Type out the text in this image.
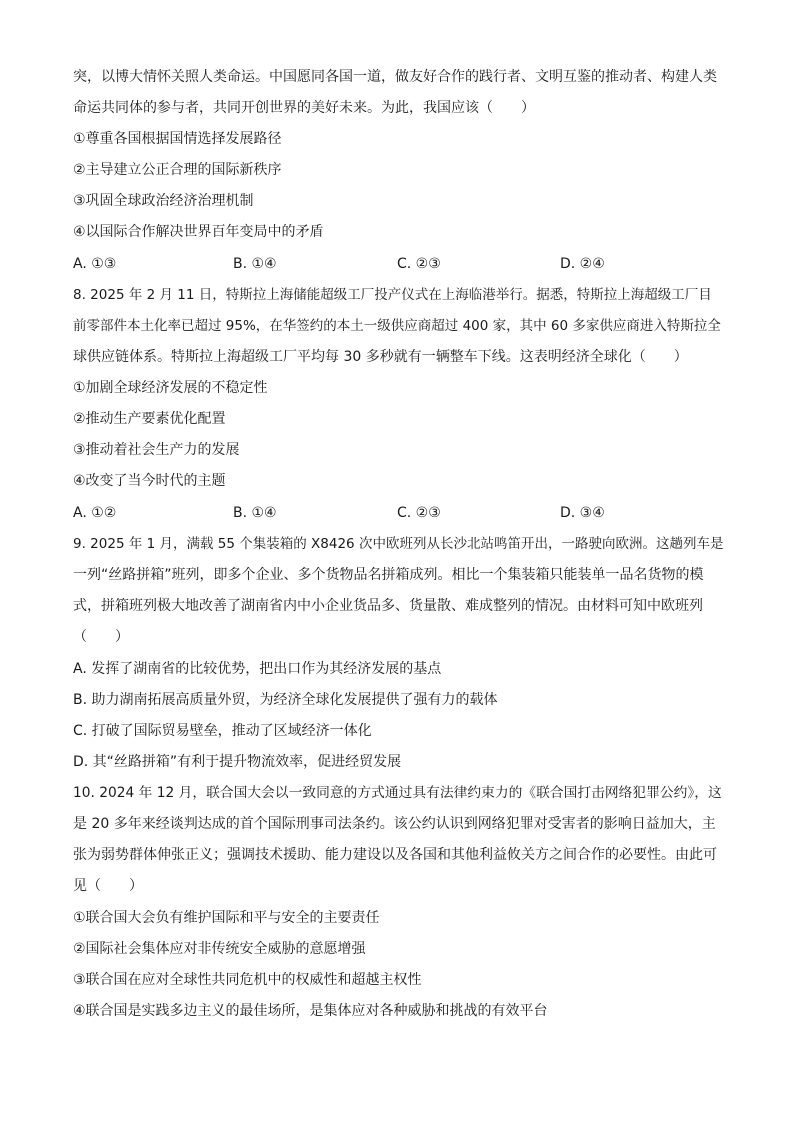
突，以博大情怀关照人类命运。中国愿同各国一道，做友好合作的践行者、文明互鉴的推动者、构建人类
命运共同体的参与者，共同开创世界的美好未来。为此，我国应该（　　）
①尊重各国根据国情选择发展路径
②主导建立公正合理的国际新秩序
③巩固全球政治经济治理机制
④以国际合作解决世界百年变局中的矛盾
A. ①③	B. ①④	C. ②③	D. ②④
8. 2025 年 2 月 11 日，特斯拉上海储能超级工厂投产仪式在上海临港举行。据悉，特斯拉上海超级工厂目
前零部件本土化率已超过 95%，在华签约的本土一级供应商超过 400 家，其中 60 多家供应商进入特斯拉全
球供应链体系。特斯拉上海超级工厂平均每 30 多秒就有一辆整车下线。这表明经济全球化（　　）
①加剧全球经济发展的不稳定性
②推动生产要素优化配置
③推动着社会生产力的发展
④改变了当今时代的主题
A. ①②	B. ①④	C. ②③	D. ③④
9. 2025 年 1 月，满载 55 个集装箱的 X8426 次中欧班列从长沙北站鸣笛开出，一路驶向欧洲。这趟列车是
一列“丝路拼箱”班列，即多个企业、多个货物品名拼箱成列。相比一个集装箱只能装单一品名货物的模
式，拼箱班列极大地改善了湖南省内中小企业货品多、货量散、难成整列的情况。由材料可知中欧班列
（　　）
A. 发挥了湖南省的比较优势，把出口作为其经济发展的基点
B. 助力湖南拓展高质量外贸，为经济全球化发展提供了强有力的载体
C. 打破了国际贸易壁垒，推动了区域经济一体化
D. 其“丝路拼箱”有利于提升物流效率，促进经贸发展
10. 2024 年 12 月，联合国大会以一致同意的方式通过具有法律约束力的《联合国打击网络犯罪公约》，这
是 20 多年来经谈判达成的首个国际刑事司法条约。该公约认识到网络犯罪对受害者的影响日益加大，主
张为弱势群体伸张正义；强调技术援助、能力建设以及各国和其他利益攸关方之间合作的必要性。由此可
见（　　）
①联合国大会负有维护国际和平与安全的主要责任
②国际社会集体应对非传统安全威胁的意愿增强
③联合国在应对全球性共同危机中的权威性和超越主权性
④联合国是实践多边主义的最佳场所，是集体应对各种威胁和挑战的有效平台
